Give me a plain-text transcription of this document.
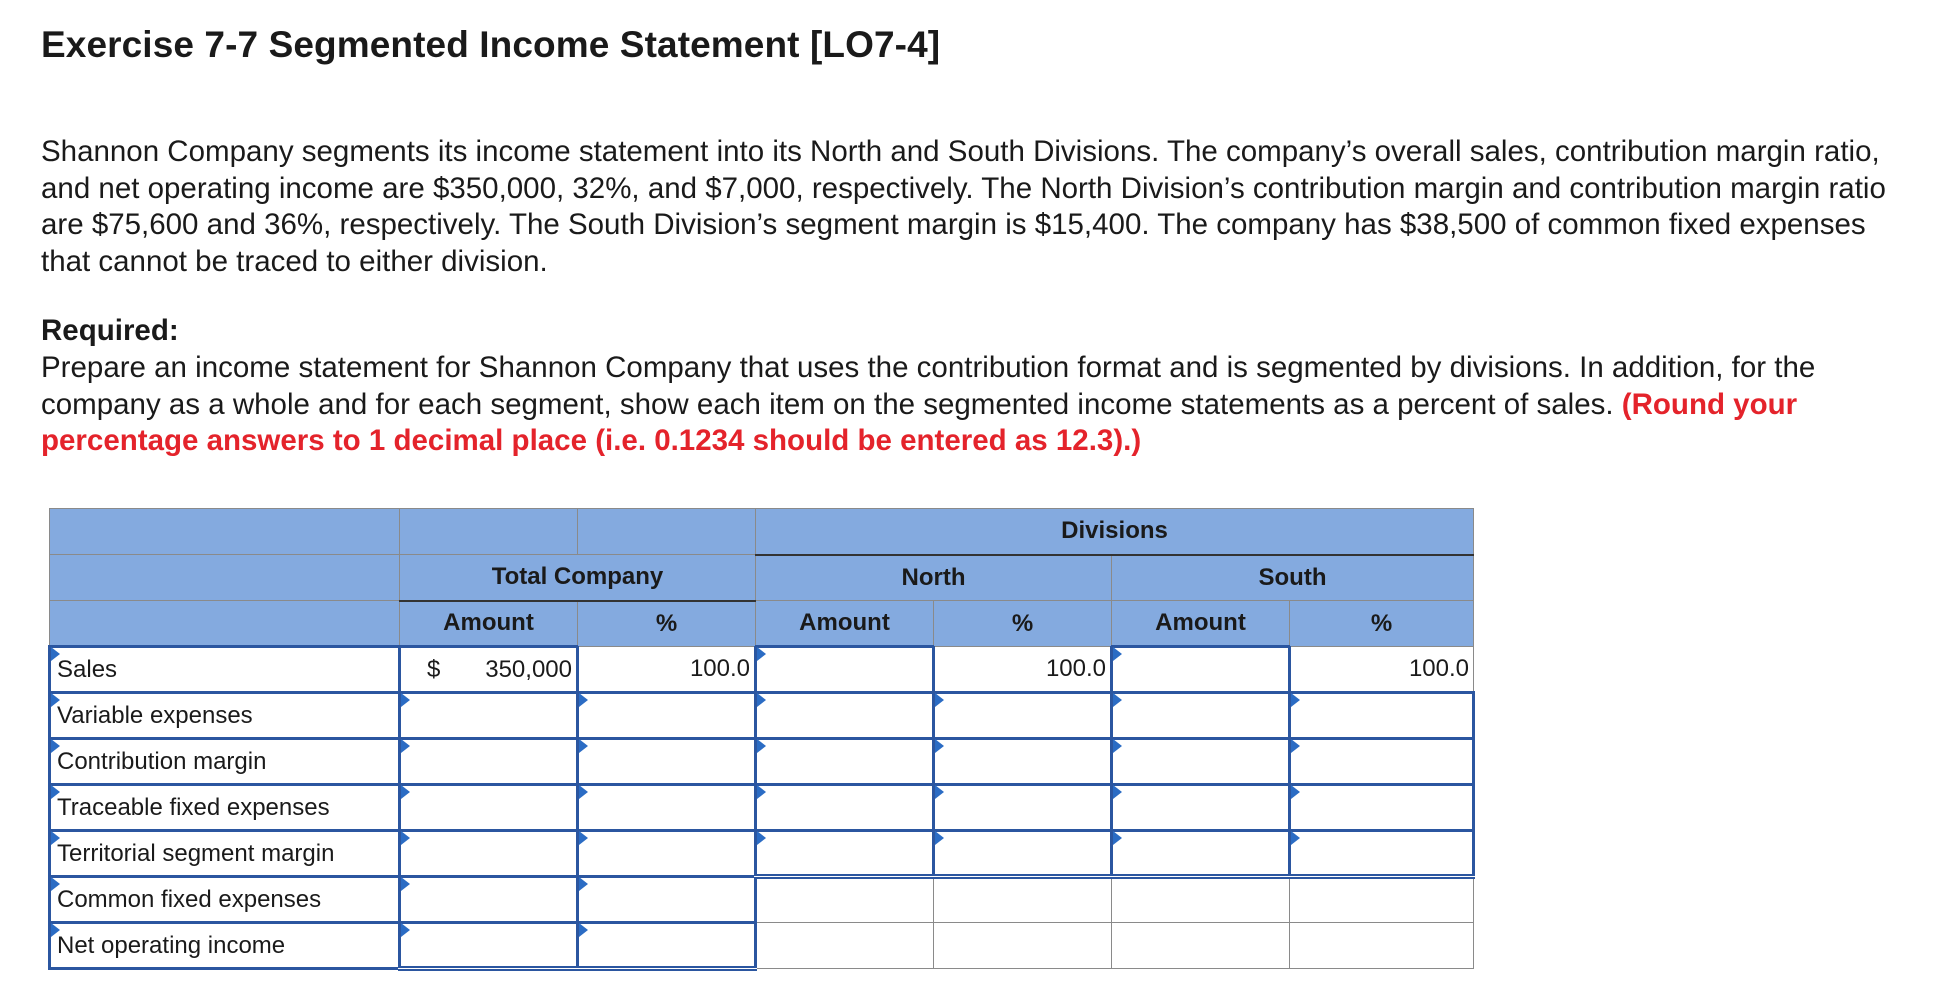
Exercise 7-7 Segmented Income Statement [LO7-4]

Shannon Company segments its income statement into its North and South Divisions. The company’s overall sales, contribution margin ratio, and net operating income are $350,000, 32%, and $7,000, respectively. The North Division’s contribution margin and contribution margin ratio are $75,600 and 36%, respectively. The South Division’s segment margin is $15,400. The company has $38,500 of common fixed expenses that cannot be traced to either division.

Required:

Prepare an income statement for Shannon Company that uses the contribution format and is segmented by divisions. In addition, for the company as a whole and for each segment, show each item on the segmented income statements as a percent of sales. (Round your percentage answers to 1 decimal place (i.e. 0.1234 should be entered as 12.3).)

			Divisions			
	Total Company		North		South	
	Amount	%	Amount	%	Amount	%

Sales	$ 350,000	100.0		100.0		100.0

Variable expenses	

Contribution margin	

Traceable fixed expenses	

Territorial segment margin	

Common fixed expenses	

Net operating income	
